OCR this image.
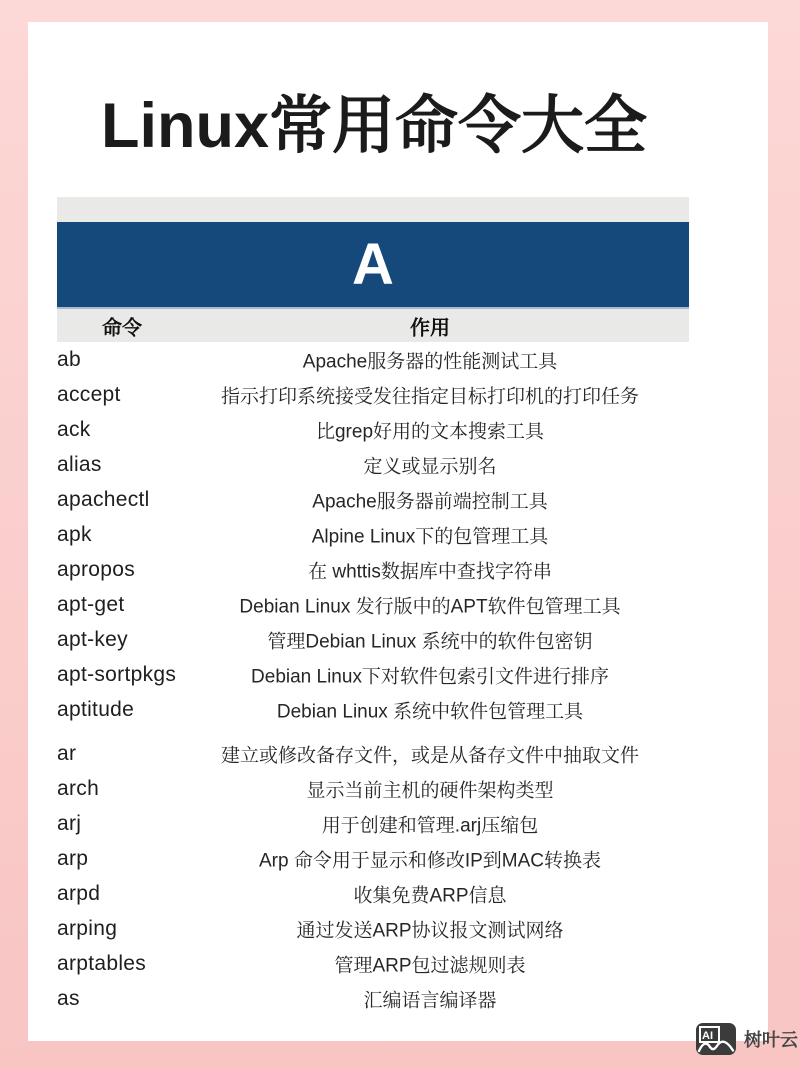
Linux常用命令大全
A
命令	作用
ab	Apache服务器的性能测试工具
accept	指示打印系统接受发往指定目标打印机的打印任务
ack	比grep好用的文本搜索工具
alias	定义或显示别名
apachectl	Apache服务器前端控制工具
apk	Alpine Linux下的包管理工具
apropos	在 whttis数据库中查找字符串
apt-get	Debian Linux 发行版中的APT软件包管理工具
apt-key	管理Debian Linux 系统中的软件包密钥
apt-sortpkgs	Debian Linux下对软件包索引文件进行排序
aptitude	Debian Linux 系统中软件包管理工具
ar	建立或修改备存文件，或是从备存文件中抽取文件
arch	显示当前主机的硬件架构类型
arj	用于创建和管理.arj压缩包
arp	Arp 命令用于显示和修改IP到MAC转换表
arpd	收集免费ARP信息
arping	通过发送ARP协议报文测试网络
arptables	管理ARP包过滤规则表
as	汇编语言编译器
AI 树叶云
